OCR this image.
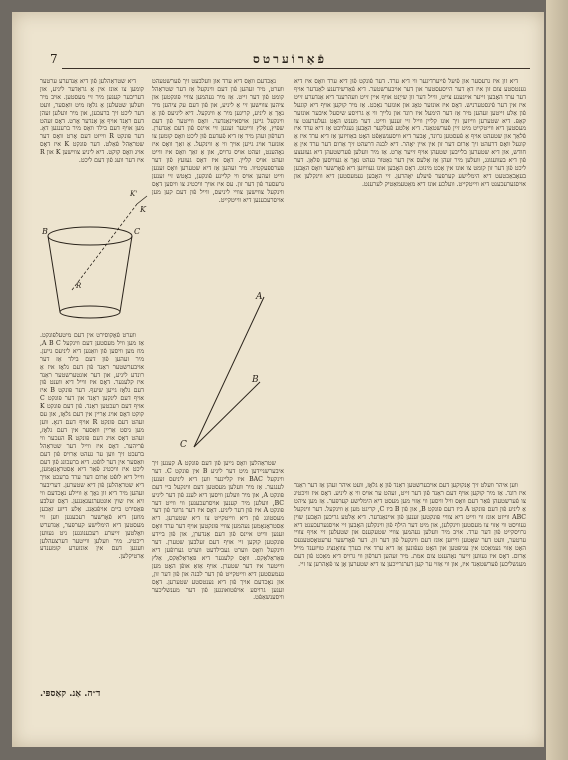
7	פֿאַרוֹערטס

דיא זון איז גרעסער און פֿיעל פֿייערדיגער ווי דיא ערד. דער פֿונקט פֿון דיא ערד וואָס איז דיא נענטסטע צום זון איז דאָ דער הייסעסטער און דער אויבערשטער. דיא פֿאַרשידענע לאַנדער אויף דער ערד האָבען זייער אייגענע צייט, ווייל דער זון שייַנט אויף איין זייט וועהרענד דיא אַנדערע זייט איז אין דער פֿינסטערניש. דאָס איז אונזער טאָג און אונזער נאַכט. אַז מיר קוקען אויף דיא קוגעל פֿון אַלע זייטען זעהען מיר אַז דער הימעל איז רונד און גלייך ווי אַ גרויסע שיסעל איבער אונזער קאָפּ. דיא שטערען ווייזען זיך אונז קליין ווייל זיי זענען ווייט. דער מענש האָט געלערענט צו מעסטען דיא ווייטקייט מיט זיין פֿערשטאַנד. דיא אַלטע פֿעלקער האָבען געגלויבט אַז דיא ערד איז פֿלאַך און שטעהט אויף אַ פֿעסטען גרונד, אָבער דיא וויסענשאַפֿט האָט באַוויזען אַז דיא ערד איז אַ קוגעל וואָס דרעהט זיך אַרום דער זון אין איין יאָהר. דיא לבנה דרעהט זיך אַרום דער ערד אין אַ חודש, און דיא שטערען בלייבען שטעהן אויף זייער אָרט. אַז מיר וועלען פֿערשטעהן דיא געזעצע פֿון דיא בעוועגונג, וועלען מיר זעהן אַז אַלעס אין דער נאַטור געהט נאָך אַ געוויסען פּלאַן. דער ליכט פֿון דער זון קומט צו אונז אין אַכט מינוט. דאָס האָבען אונז געוויזען דיא פֿאָרשער וואָס האָבען בעאָבאַכטעט דיא הימלישע קערפּער פֿיעלע יאָהרען. זיי האָבען געמעסטען דיא ווינקלען און אויסגערעכענט דיא ווייטקייט. וועלכע אונז דיא מאַטעמאַטיק לערענט.

ווען איהר וועלט זיך אָנקוקען דעם אויבערשטען ראַנד פֿון אַ גלאָז, וועט איהר זעהן אַז דער ראַנד איז רונד. אַז מיר קוקען אויף דעם ראַנד פֿון דער זייט, זעהט ער אויס ווי אַ ליניע. דאָס איז וויכטיג צו פֿערשטעהן פֿאַר דעם וואָס וויל וויסען ווי אַזוי מען מעסט דיא הימלישע קערפּער. אַז מען ציהט אַ ליניע פֿון דעם פּונקט A ביז דעם פּונקט B, און פֿון B ביז C, קריגט מען אַ ווינקעל. דער ווינקעל ABC ווייזט אונז ווי ווייט דיא צוויי פּונקטען זענען פֿון איינאַנדער. דיא אַלטע גריכען האָבען שוין געוויסט ווי אַזוי צו מעסטען ווינקלען, און מיט דער הילף פֿון ווינקלען האָבען זיי אויסגערעכענט דיא גרויסקייט פֿון דער ערד. אויב מיר וועלען נעהמען צוויי שטעקענס און שטעלען זיי אויף צוויי ערטער, וועט דער שאָטען ווייזען אונז דעם ווינקעל פֿון דער זון. דער פֿאָרשער ערעטאָסטענעס האָט אַזוי געמאַכט אין עגיפּטען און האָט געפֿונען אַז דיא ערד איז בערך צוואַנציג טויזענד מייל אַרום. דאָס איז געווען זייער נאָהענט צום אמת. מיר זעהען דערפֿון ווי גרויס דיא מאַכט פֿון דעם מענשליכען פֿערשטאַנד איז, און ווי אַזוי ער קען דערגרייכען צו דיא שטערען אָן צו פֿאָהרען צו זיי.

נאָכדעם וואָס דיא ערד און וועלבעט זיך פֿערשטעהט ווערט, מיר זעהען פֿון דעם ווינקעל אַז דער שטראַהל קומט פֿון דער זייט. אַז מיר נעהמען צוויי פּונקטען און ציהען צווישען זיי אַ ליניע, און פֿון דעם עק ציהען מיר נאָך אַ ליניע, קריגען מיר אַ ווינקעל. דיא ליניעס פֿון אַ ווינקעל גייען אויסאיינאַנדער. וואָס ווייטער פֿון דעם שפּיץ, אַלץ ווייטער זענען זיי איינס פֿון דעם אַנדערן. דערפֿון זעהן מיר אַז דיא פֿעדעם פֿון ליכט וואָס קומען צו אונזער אויג גייען אויך ווי אַ ווינקעל. אַ זאַך וואָס איז נאָהענט, זעהט אויס גרויס, און אַ זאַך וואָס איז ווייט זעהט אויס קליין. דאָס איז דאָס געזעץ פֿון דער פּערספּעקטיוו. מיר זעהען אַז דיא שטערען וואָס זענען ווייט זעהען אויס ווי קליינע פֿונקען, כאָטש זיי זענען גרעסער פֿון דער זון. עס איז אויך וויכטיג צו וויסען דאָס ווינקעל צווישען צוויי ליניעס, ווייל פֿון דעם קען מען אויסרעכענען דיא ווייטקייט.

דיא שטראַהלען פֿון דיא אַנדערע ערטער קומען צו אונז אין אַ גראַדער ליניע, און דעריבער קענען מיר זיי מעסטען. אויב מיר וועלען שטעלען אַ גלאָז מיט וואַסער, וועט דער ליכט זיך ברעכען, און מיר וועלען זעהן דעם ראַנד אויף אַן אַנדער אָרט. דאָס זעהט מען אויף דעם בילד וואָס מיר ברענגען דאָ. דער פּונקט R ווייזט דעם אָרט וואָס דער שטראַהל פֿאַלט. דער פּונקט K איז דאָס אויג וואָס קוקט. דיא ליניע צווישען K און R איז דער וועג פֿון דעם ליכט.

A
B
C
B	C
R
K
K'

שטראַהלען וואָס גייען פֿון דעם פּונקט A קענען זיך איבערשניידען מיט דער ליניע B אין פּונקט C. דער ווינקעל BAC איז קליינער ווען דיא ליניעס זענען לענגער. אַז מיר וועלען מעסטען דעם ווינקעל ביי דעם פּונקט A, און מיר וועלען וויסען דיא לענג פֿון דער ליניע BC, וועלען מיר קענען אויסרעכענען ווי ווייט דער פּונקט A איז פֿון דער ליניע. דאָס איז דער גרונד פֿון דער מעסטונג פֿון דיא ווייטקייט צו דיא שטערען. דיא אַסטראָנאָמען נעהמען צוויי פּונקטען אויף דער ערד וואָס זענען ווייט איינס פֿון דעם אַנדערן, און פֿון ביידע פּונקטען קוקען זיי אויף דעם זעלבען שטערן. דער ווינקעל וואָס ווערט געבילדעט ווערט גערופֿען דיא פּאַראַלאַקס. וואָס קלענער דיא פּאַראַלאַקס, אַלץ ווייטער איז דער שטערן. אויף אַזאַ אופֿן האָט מען געמעסטען דיא ווייטקייט פֿון דער לבנה און פֿון דער זון, און נאָכדעם אויך פֿון דיא נענטסטע שטערען. דאָס זענען גרויסע אויפֿטואונגען פֿון דער מענשליכער וויסענשאַפֿט.

ווערט פֿאָקוסירט אין דעם מיטעלפּונקט. אַז מען וויל מעסטען דעם ווינקעל A B C, מוז מען וויסען פֿון וואַנען דיא ליניעס גייען. מיר זעהען פֿון דעם בילד אַז דער אויבערשטער ראַנד פֿון דעם גלאָז איז אַ רונדע ליניע, און דער אונטערשטער ראַנד איז קלענער. דאָס איז ווייל דיא ווענט פֿון דעם גלאָז גייען שיעף. דער פּונקט B איז אויף דעם לינקען ראַנד און דער פּונקט C אויף דעם רעכטען ראַנד. פֿון דעם פּונקט K קוקט דאָס אויג אַריין אין דעם גלאָז, און עס זעהט דעם פּונקט R אויף דעם דנאָ. ווען מען גיסט אַריין וואַסער אין דעם גלאָז, זעהט דאָס אויג דעם פּונקט R העכער ווי פֿריהער. דאָס איז ווייל דער שטראַהל ברעכט זיך ווען ער געהט אַרויס פֿון דעם וואַסער אין דער לופֿט. דיא ברעכונג פֿון דעם ליכט איז וויכטיג פֿאַר דיא אַסטראָנאָמען, ווייל דיא לופֿט אַרום דער ערד ברעכט אויך דיא שטראַהלען פֿון דיא שטערען. דעריבער זעהען מיר דיא זון נאָך אַ וויילע נאָכדעם ווי זיא איז שוין אונטערגעגאַנגען. דאָס זעלבע פּאַסירט ביים אויפֿגאַנג. אַלע דיזע זאַכען מוזען דיא פֿאָרשער רעכענען ווען זיי מעסטען דיא הימלישע קערפּער, אַנדערש וואָלטען זייערע רעכענונגען ניט געווען ריכטיג. מיר וועלען ווייטער דערצעהלען וועגען דעם אין אונזערע קומענדע אַרטיקלען.

ד״ה. אַנ. קאַספּי.
